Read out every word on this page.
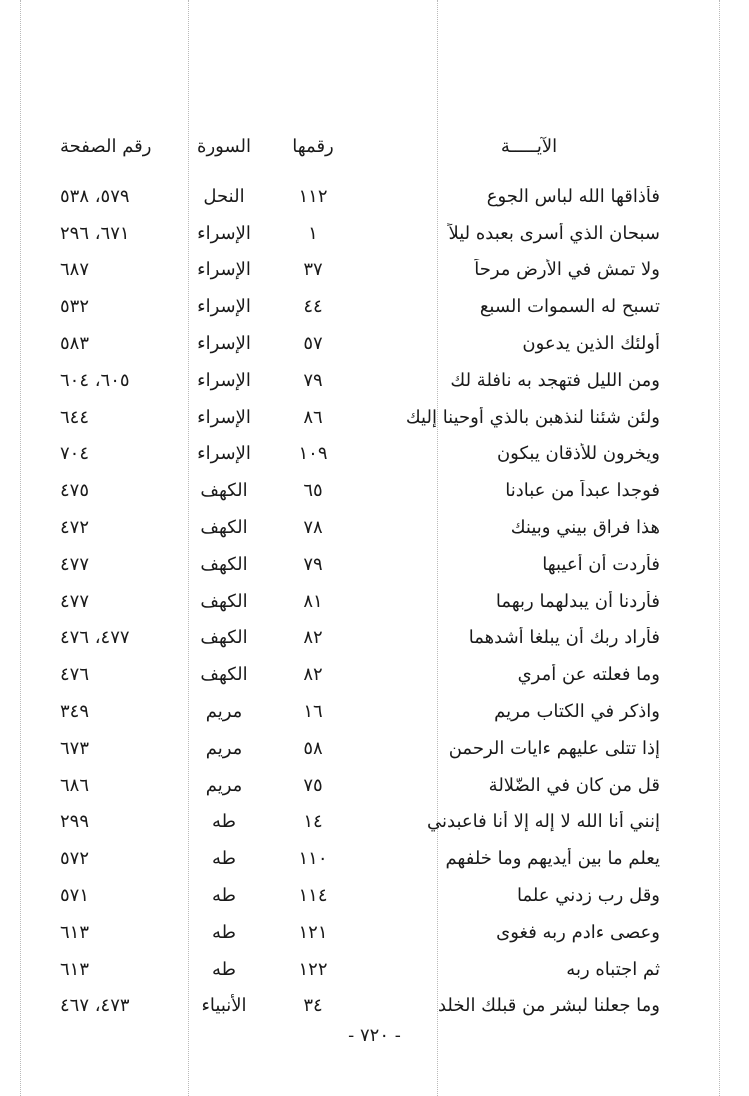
الآيـــــة
رقمها
السورة
رقم الصفحة
فأذاقها الله لباس الجوع
١١٢
النحل
٥٧٩، ٥٣٨
سبحان الذي أسرى بعبده ليلاً
١
الإسراء
٦٧١، ٢٩٦
ولا تمش في الأرض مرحاً
٣٧
الإسراء
٦٨٧
تسبح له السموات السبع
٤٤
الإسراء
٥٣٢
أولئك الذين يدعون
٥٧
الإسراء
٥٨٣
ومن الليل فتهجد به نافلة لك
٧٩
الإسراء
٦٠٥، ٦٠٤
ولئن شئنا لنذهبن بالذي أوحينا إليك
٨٦
الإسراء
٦٤٤
ويخرون للأذقان يبكون
١٠٩
الإسراء
٧٠٤
فوجدا عبداً من عبادنا
٦٥
الكهف
٤٧٥
هذا فراق بيني وبينك
٧٨
الكهف
٤٧٢
فأردت أن أعيبها
٧٩
الكهف
٤٧٧
فأردنا أن يبدلهما ربهما
٨١
الكهف
٤٧٧
فأراد ربك أن يبلغا أشدهما
٨٢
الكهف
٤٧٧، ٤٧٦
وما فعلته عن أمري
٨٢
الكهف
٤٧٦
واذكر في الكتاب مريم
١٦
مريم
٣٤٩
إذا تتلى عليهم ءايات الرحمن
٥٨
مريم
٦٧٣
قل من كان في الضّلالة
٧٥
مريم
٦٨٦
إنني أنا الله لا إله إلا أنا فاعبدني
١٤
طه
٢٩٩
يعلم ما بين أيديهم وما خلفهم
١١٠
طه
٥٧٢
وقل رب زدني علما
١١٤
طه
٥٧١
وعصى ءادم ربه فغوى
١٢١
طه
٦١٣
ثم اجتباه ربه
١٢٢
طه
٦١٣
وما جعلنا لبشر من قبلك الخلد
٣٤
الأنبياء
٤٧٣، ٤٦٧
- ٧٢٠ -
